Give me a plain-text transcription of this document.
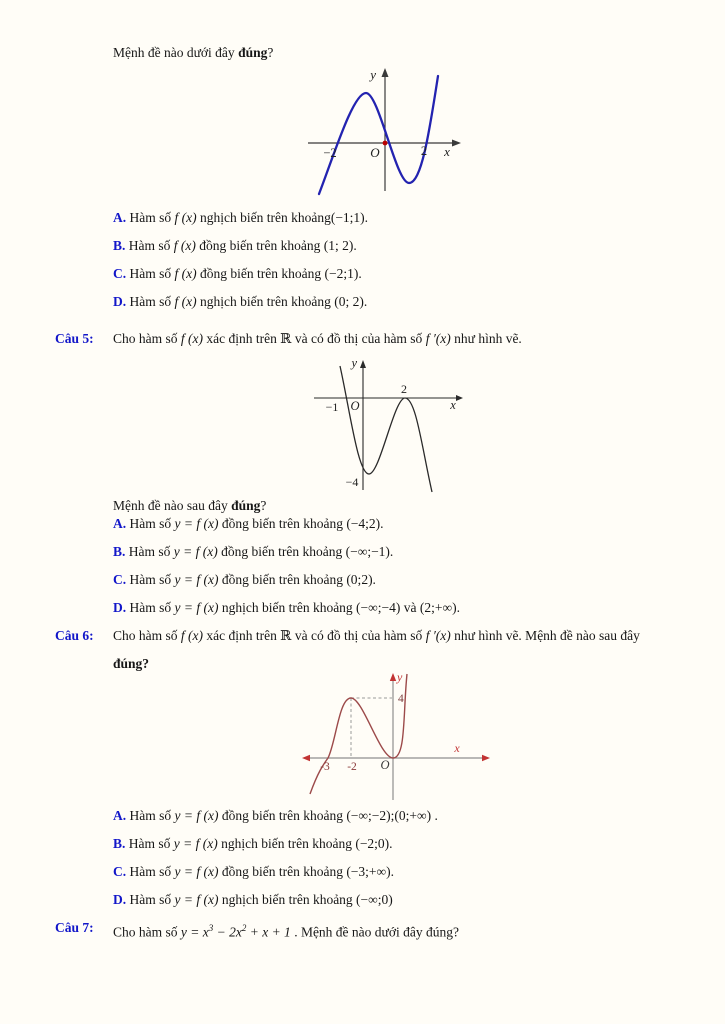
Mệnh đề nào dưới đây đúng?
y
x
−2	O	2
A. Hàm số f (x) nghịch biến trên khoảng(−1;1).
B. Hàm số f (x) đồng biến trên khoảng (1; 2).
C. Hàm số f (x) đồng biến trên khoảng (−2;1).
D. Hàm số f (x) nghịch biến trên khoảng (0; 2).
Câu 5: Cho hàm số f (x) xác định trên ℝ và có đồ thị của hàm số f ′(x) như hình vẽ.
y
x
−1 O
2
−4
Mệnh đề nào sau đây đúng?
A. Hàm số y = f (x) đồng biến trên khoảng (−4;2).
B. Hàm số y = f (x) đồng biến trên khoảng (−∞;−1).
C. Hàm số y = f (x) đồng biến trên khoảng (0;2).
D. Hàm số y = f (x) nghịch biến trên khoảng (−∞;−4) và (2;+∞).
Câu 6: Cho hàm số f (x) xác định trên ℝ và có đồ thị của hàm số f ′(x) như hình vẽ. Mệnh đề nào sau đây
đúng?
y
x
-3 -2 O
4
A. Hàm số y = f (x) đồng biến trên khoảng (−∞;−2);(0;+∞) .
B. Hàm số y = f (x) nghịch biến trên khoảng (−2;0).
C. Hàm số y = f (x) đồng biến trên khoảng (−3;+∞).
D. Hàm số y = f (x) nghịch biến trên khoảng (−∞;0)
Câu 7: Cho hàm số $y = x^3 - 2x^2 + x + 1$ . Mệnh đề nào dưới đây đúng?
